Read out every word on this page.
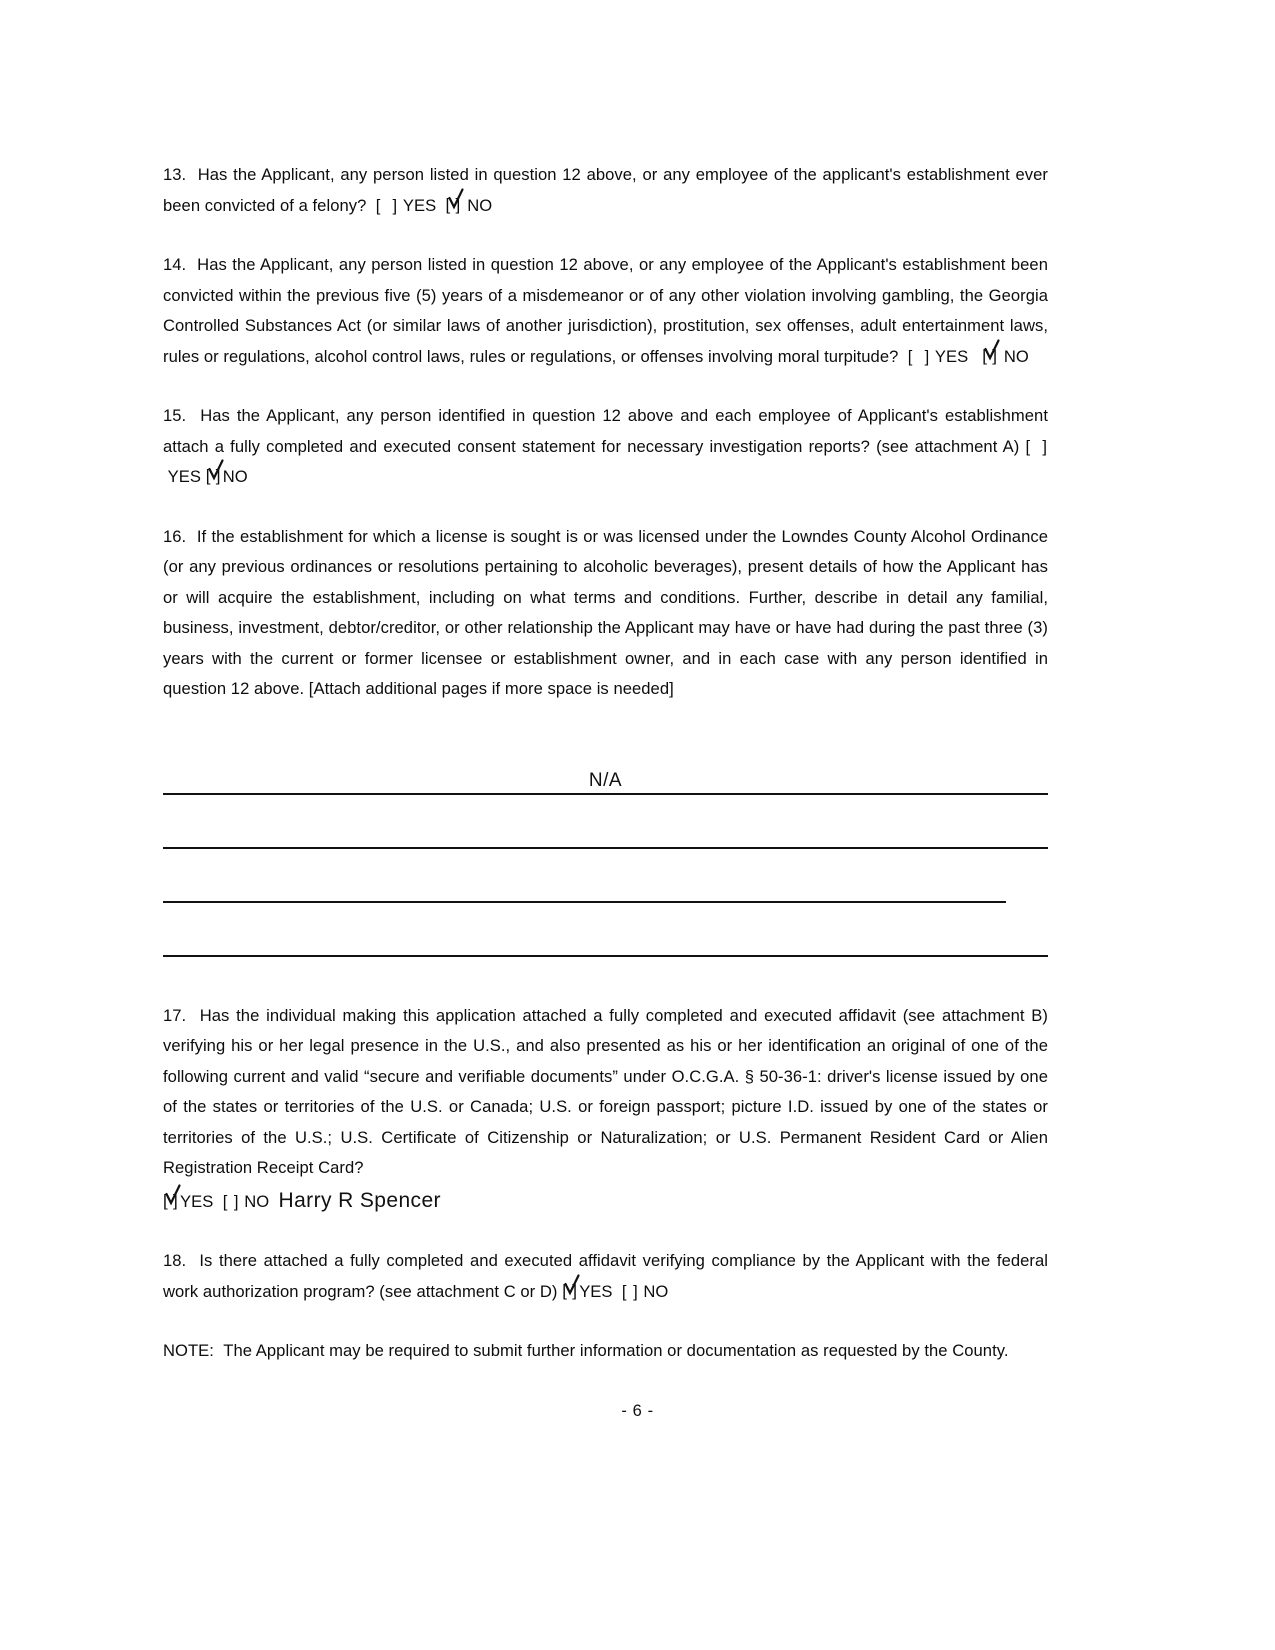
13. Has the Applicant, any person listed in question 12 above, or any employee of the applicant's establishment ever been convicted of a felony? [  ] YES [ ] NO

14. Has the Applicant, any person listed in question 12 above, or any employee of the Applicant's establishment been convicted within the previous five (5) years of a misdemeanor or of any other violation involving gambling, the Georgia Controlled Substances Act (or similar laws of another jurisdiction), prostitution, sex offenses, adult entertainment laws, rules or regulations, alcohol control laws, rules or regulations, or offenses involving moral turpitude? [  ] YES [ ] NO

15. Has the Applicant, any person identified in question 12 above and each employee of Applicant's establishment attach a fully completed and executed consent statement for necessary investigation reports? (see attachment A) [  ] YES [ ] NO

16. If the establishment for which a license is sought is or was licensed under the Lowndes County Alcohol Ordinance (or any previous ordinances or resolutions pertaining to alcoholic beverages), present details of how the Applicant has or will acquire the establishment, including on what terms and conditions. Further, describe in detail any familial, business, investment, debtor/creditor, or other relationship the Applicant may have or have had during the past three (3) years with the current or former licensee or establishment owner, and in each case with any person identified in question 12 above. [Attach additional pages if more space is needed]

N/A

17. Has the individual making this application attached a fully completed and executed affidavit (see attachment B) verifying his or her legal presence in the U.S., and also presented as his or her identification an original of one of the following current and valid “secure and verifiable documents” under O.C.G.A. § 50-36-1: driver's license issued by one of the states or territories of the U.S. or Canada; U.S. or foreign passport; picture I.D. issued by one of the states or territories of the U.S.; U.S. Certificate of Citizenship or Naturalization; or U.S. Permanent Resident Card or Alien Registration Receipt Card?

[ ] YES [ ] NO Harry R Spencer

18. Is there attached a fully completed and executed affidavit verifying compliance by the Applicant with the federal work authorization program? (see attachment C or D) [ ] YES [ ] NO

NOTE: The Applicant may be required to submit further information or documentation as requested by the County.

- 6 -
